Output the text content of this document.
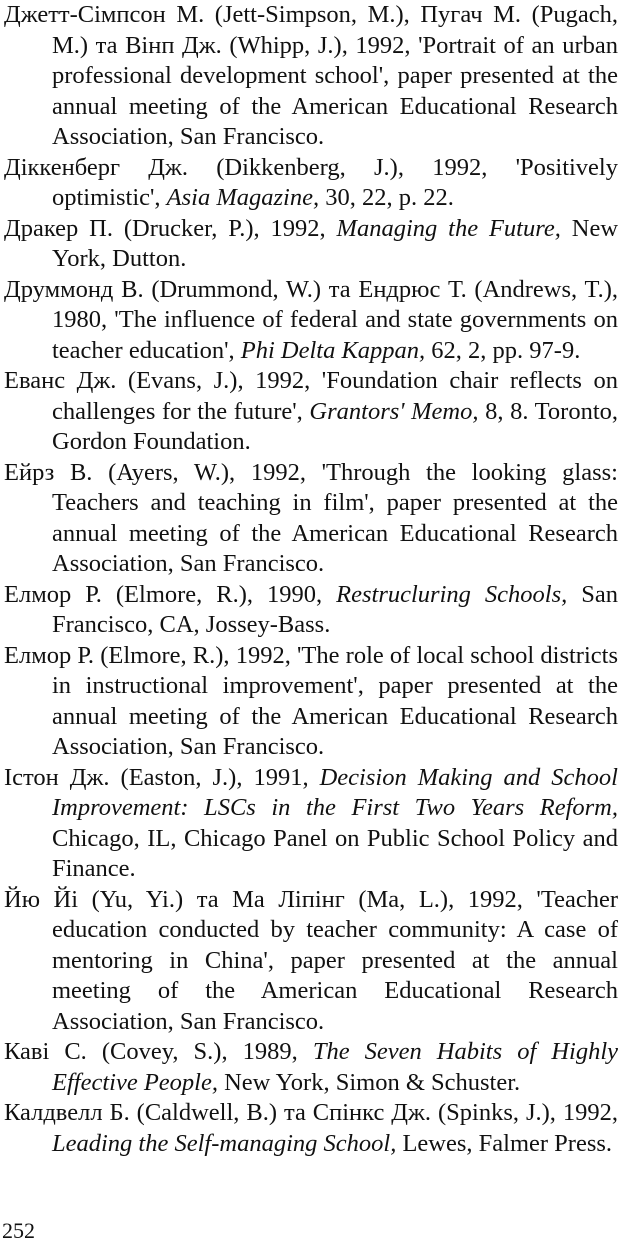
Джетт-Сімпсон М. (Jett-Simpson, M.), Пугач М. (Pugach, M.) та Вінп Дж. (Whipp, J.), 1992, 'Portrait of an urban professional development school', paper presented at the annual meeting of the American Educational Research Association, San Francisco.

Діккенберг Дж. (Dikkenberg, J.), 1992, 'Positively optimistic', Asia Magazine, 30, 22, p. 22.

Дракер П. (Drucker, P.), 1992, Managing the Future, New York, Dutton.

Друммонд В. (Drummond, W.) та Ендрюс Т. (Andrews, T.), 1980, 'The influence of federal and state governments on teacher education', Phi Delta Kappan, 62, 2, pp. 97-9.

Еванс Дж. (Evans, J.), 1992, 'Foundation chair reflects on challenges for the future', Grantors' Memo, 8, 8. Toronto, Gordon Foundation.

Ейрз В. (Ayers, W.), 1992, 'Through the looking glass: Teachers and teaching in film', paper presented at the annual meeting of the American Educational Research Association, San Francisco.

Елмор Р. (Elmore, R.), 1990, Restrucluring Schools, San Francisco, CA, Jossey-Bass.

Елмор Р. (Elmore, R.), 1992, 'The role of local school districts in instructional improvement', paper presented at the annual meeting of the American Educational Research Association, San Francisco.

Істон Дж. (Easton, J.), 1991, Decision Making and School Improvement: LSCs in the First Two Years Reform, Chicago, IL, Chicago Panel on Public School Policy and Finance.

Йю Йі (Yu, Yi.) та Ма Ліпінг (Ma, L.), 1992, 'Teacher education conducted by teacher community: A case of mentoring in China', paper presented at the annual meeting of the American Educational Research Association, San Francisco.

Каві С. (Covey, S.), 1989, The Seven Habits of Highly Effective People, New York, Simon & Schuster.

Калдвелл Б. (Caldwell, B.) та Спінкс Дж. (Spinks, J.), 1992, Leading the Self-managing School, Lewes, Falmer Press.

252
